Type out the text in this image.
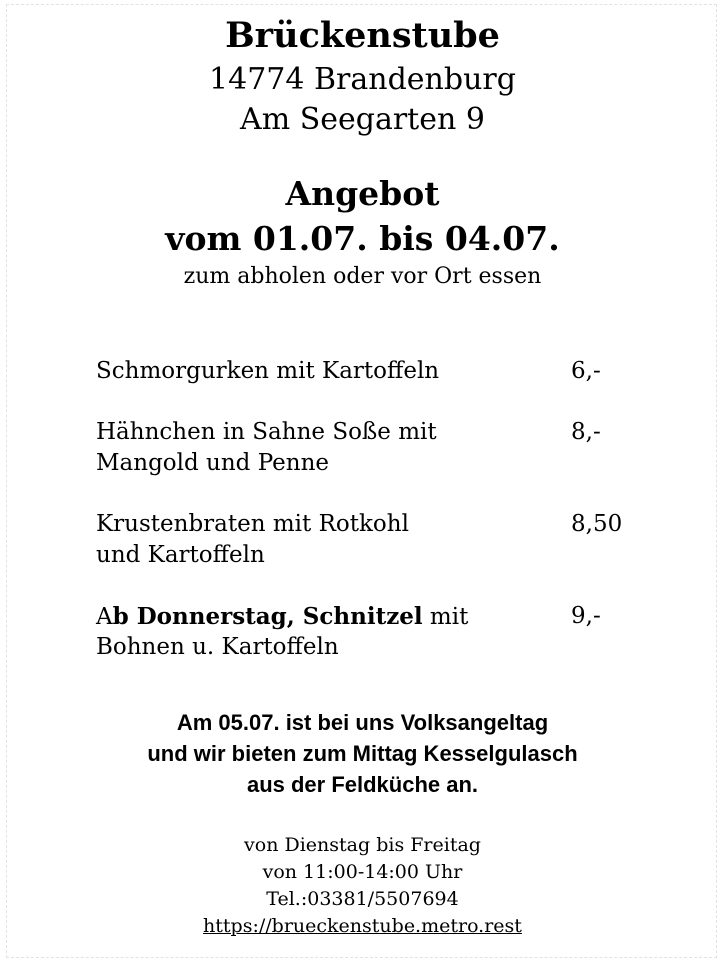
Brückenstube
14774 Brandenburg
Am Seegarten 9
Angebot
vom 01.07. bis 04.07.
zum abholen oder vor Ort essen
Schmorgurken mit Kartoffeln	6,-
Hähnchen in Sahne Soße mit
Mangold und Penne
8,-
Krustenbraten mit Rotkohl
und Kartoffeln
8,50
Ab Donnerstag, Schnitzel mit
Bohnen u. Kartoffeln
9,-
Am 05.07. ist bei uns Volksangeltag
und wir bieten zum Mittag Kesselgulasch
aus der Feldküche an.
von Dienstag bis Freitag
von 11:00-14:00 Uhr
Tel.:03381/5507694
https://brueckenstube.metro.rest
